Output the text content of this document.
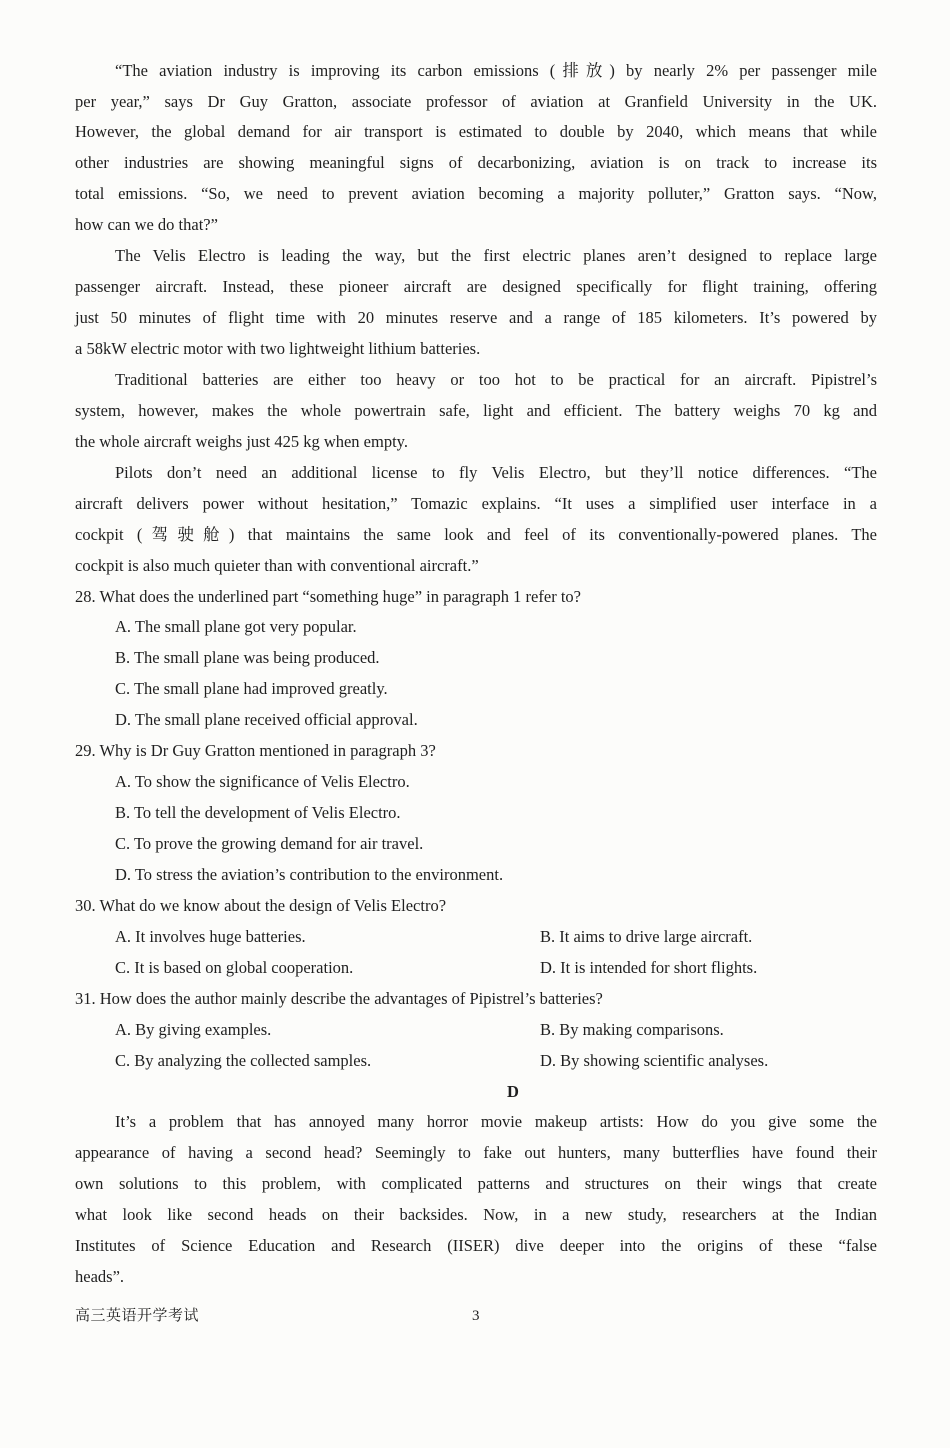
“The aviation industry is improving its carbon emissions (排放) by nearly 2% per passenger mile
per year,” says Dr Guy Gratton, associate professor of aviation at Granfield University in the UK.
However, the global demand for air transport is estimated to double by 2040, which means that while
other industries are showing meaningful signs of decarbonizing, aviation is on track to increase its
total emissions. “So, we need to prevent aviation becoming a majority polluter,” Gratton says. “Now,
how can we do that?”
The Velis Electro is leading the way, but the first electric planes aren’t designed to replace large
passenger aircraft. Instead, these pioneer aircraft are designed specifically for flight training, offering
just 50 minutes of flight time with 20 minutes reserve and a range of 185 kilometers. It’s powered by
a 58kW electric motor with two lightweight lithium batteries.
Traditional batteries are either too heavy or too hot to be practical for an aircraft. Pipistrel’s
system, however, makes the whole powertrain safe, light and efficient. The battery weighs 70 kg and
the whole aircraft weighs just 425 kg when empty.
Pilots don’t need an additional license to fly Velis Electro, but they’ll notice differences. “The
aircraft delivers power without hesitation,” Tomazic explains. “It uses a simplified user interface in a
cockpit (驾驶舱) that maintains the same look and feel of its conventionally-powered planes. The
cockpit is also much quieter than with conventional aircraft.”
28. What does the underlined part “something huge” in paragraph 1 refer to?
A. The small plane got very popular.
B. The small plane was being produced.
C. The small plane had improved greatly.
D. The small plane received official approval.
29. Why is Dr Guy Gratton mentioned in paragraph 3?
A. To show the significance of Velis Electro.
B. To tell the development of Velis Electro.
C. To prove the growing demand for air travel.
D. To stress the aviation’s contribution to the environment.
30. What do we know about the design of Velis Electro?
A. It involves huge batteries.	B. It aims to drive large aircraft.
C. It is based on global cooperation.	D. It is intended for short flights.
31. How does the author mainly describe the advantages of Pipistrel’s batteries?
A. By giving examples.	B. By making comparisons.
C. By analyzing the collected samples.	D. By showing scientific analyses.
D
It’s a problem that has annoyed many horror movie makeup artists: How do you give some the
appearance of having a second head? Seemingly to fake out hunters, many butterflies have found their
own solutions to this problem, with complicated patterns and structures on their wings that create
what look like second heads on their backsides. Now, in a new study, researchers at the Indian
Institutes of Science Education and Research (IISER) dive deeper into the origins of these “false
heads”.
高三英语开学考试	3
